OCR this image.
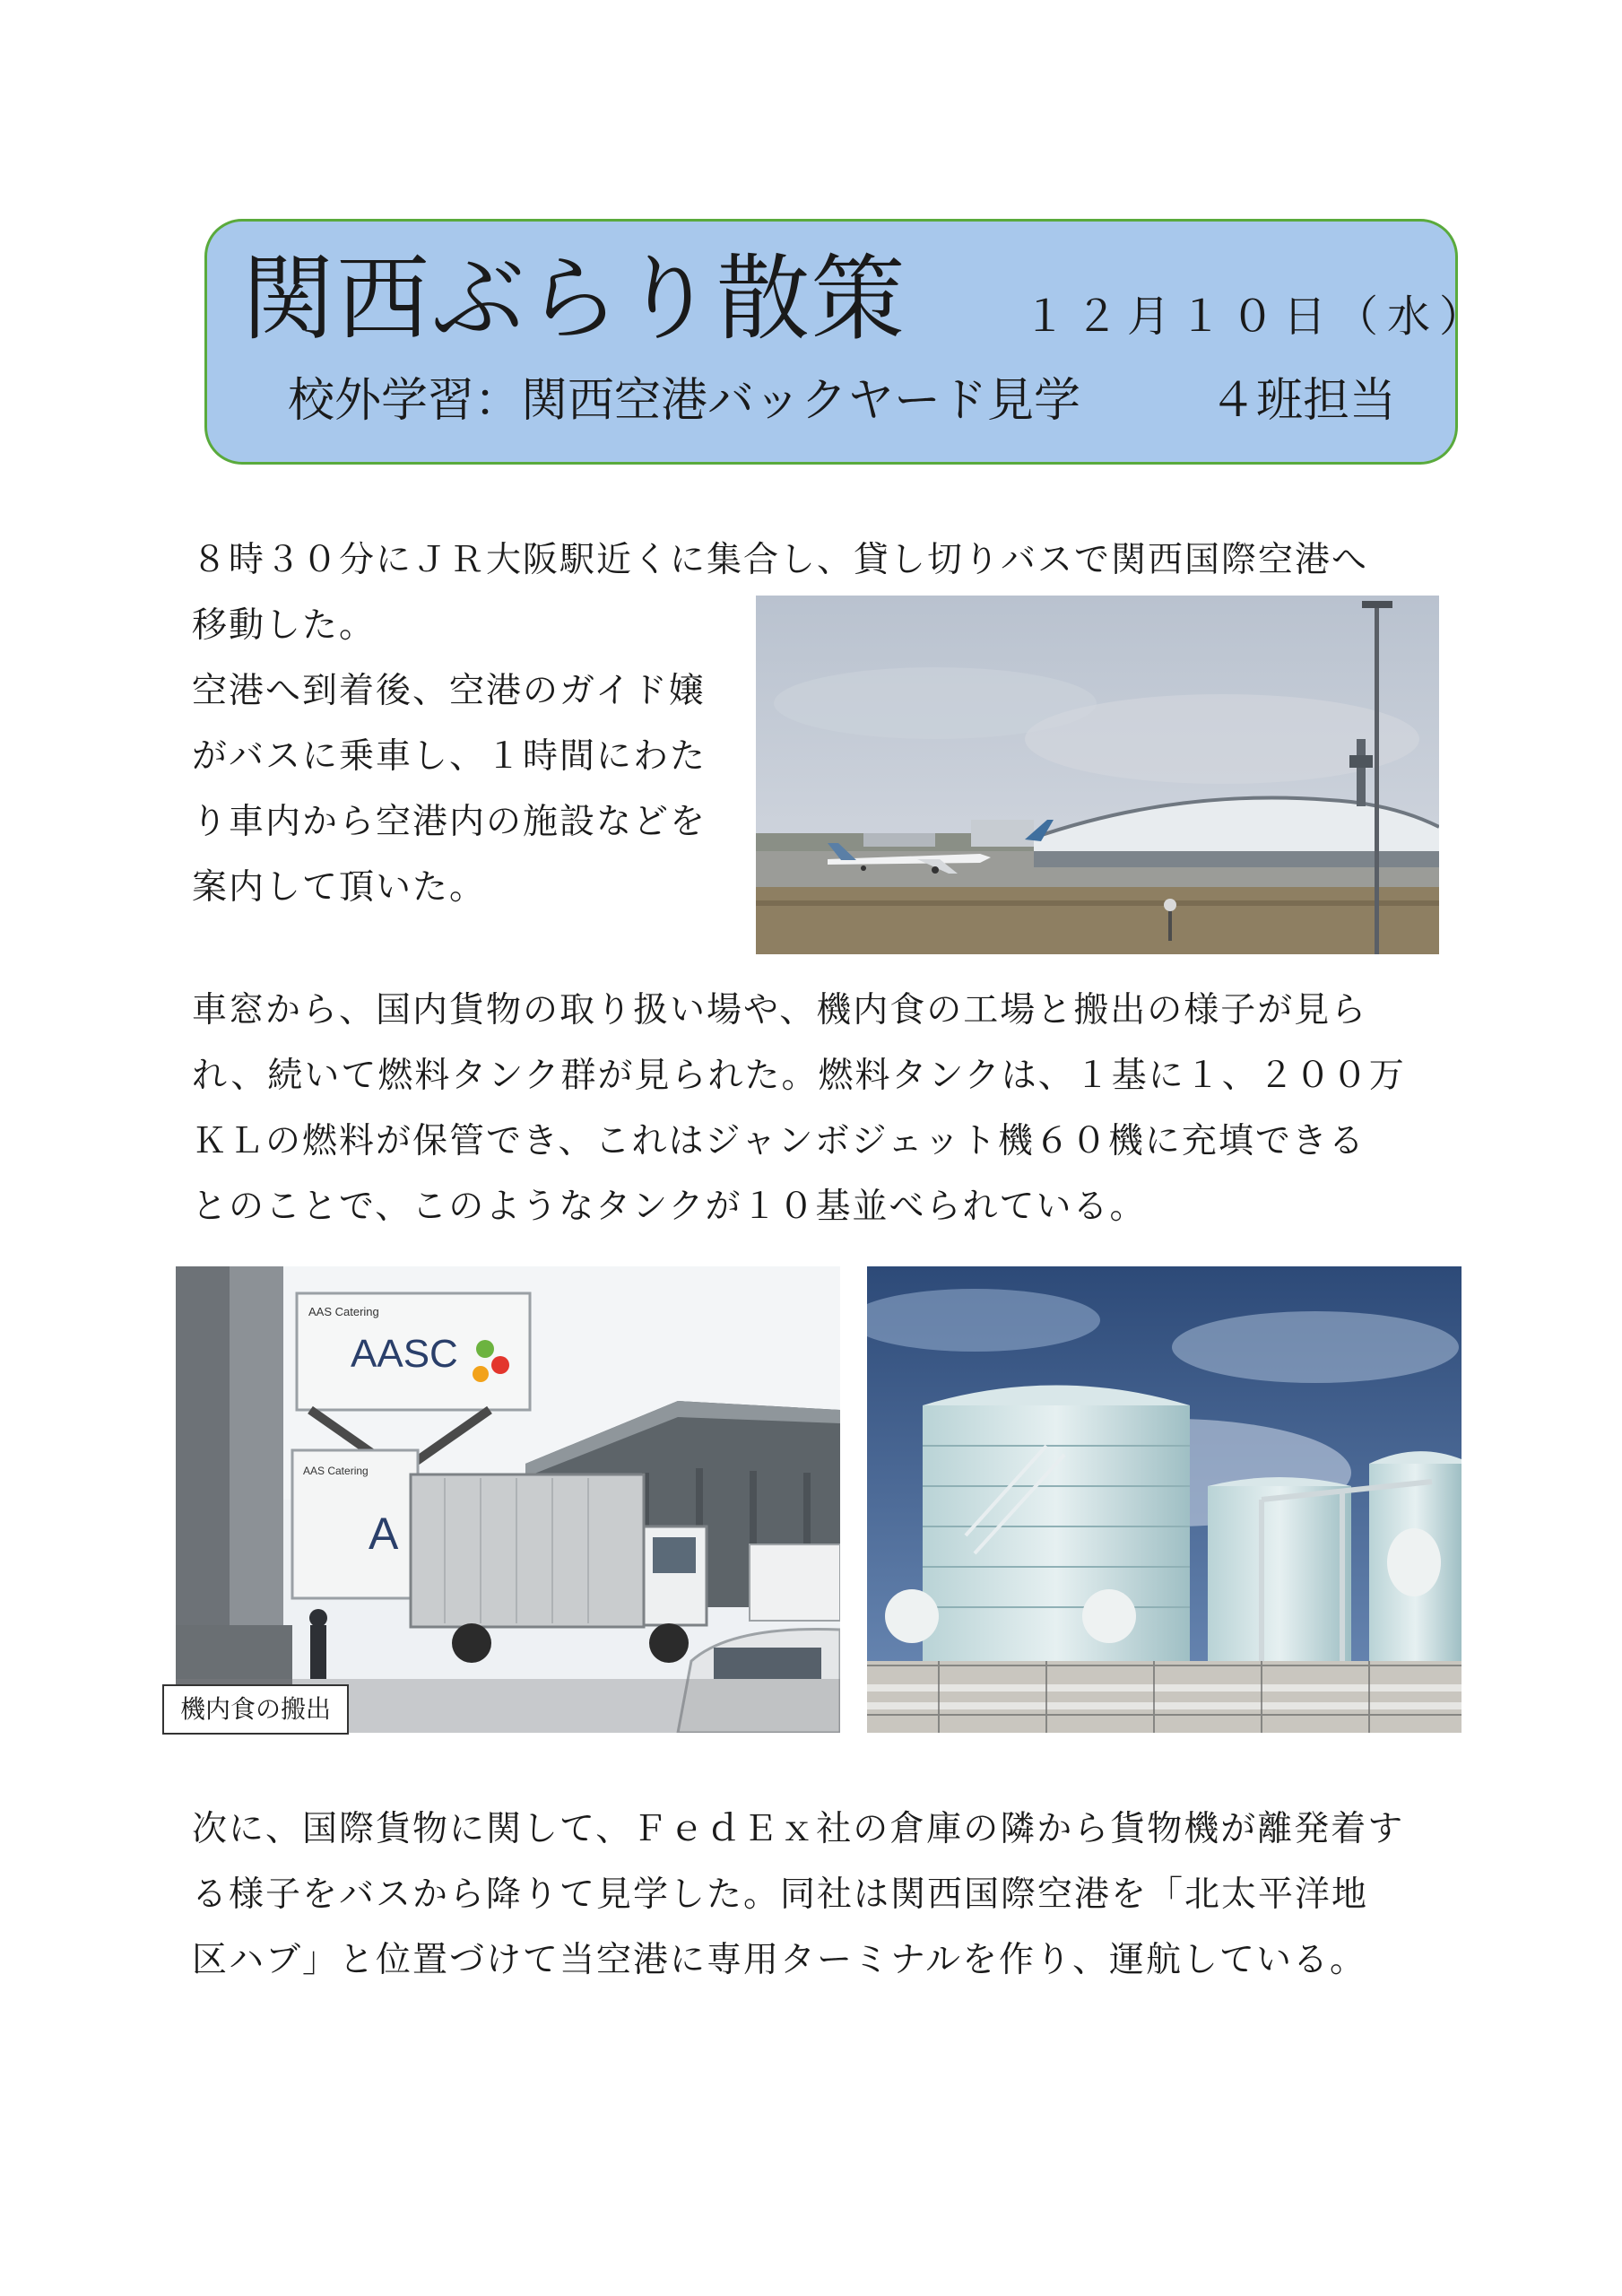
関西ぶらり散策	１２月１０日（水）
校外学習：関西空港バックヤード見学	４班担当
８時３０分にＪＲ大阪駅近くに集合し、貸し切りバスで関西国際空港へ
移動した。
空港へ到着後、空港のガイド嬢
がバスに乗車し、１時間にわた
り車内から空港内の施設などを
案内して頂いた。
車窓から、国内貨物の取り扱い場や、機内食の工場と搬出の様子が見ら
れ、続いて燃料タンク群が見られた。燃料タンクは、１基に１、２００万
ＫＬの燃料が保管でき、これはジャンボジェット機６０機に充填できる
とのことで、このようなタンクが１０基並べられている。
AAS Catering
AASC
AAS Catering
A
機内食の搬出
次に、国際貨物に関して、ＦｅｄＥｘ社の倉庫の隣から貨物機が離発着す
る様子をバスから降りて見学した。同社は関西国際空港を「北太平洋地
区ハブ」と位置づけて当空港に専用ターミナルを作り、運航している。
